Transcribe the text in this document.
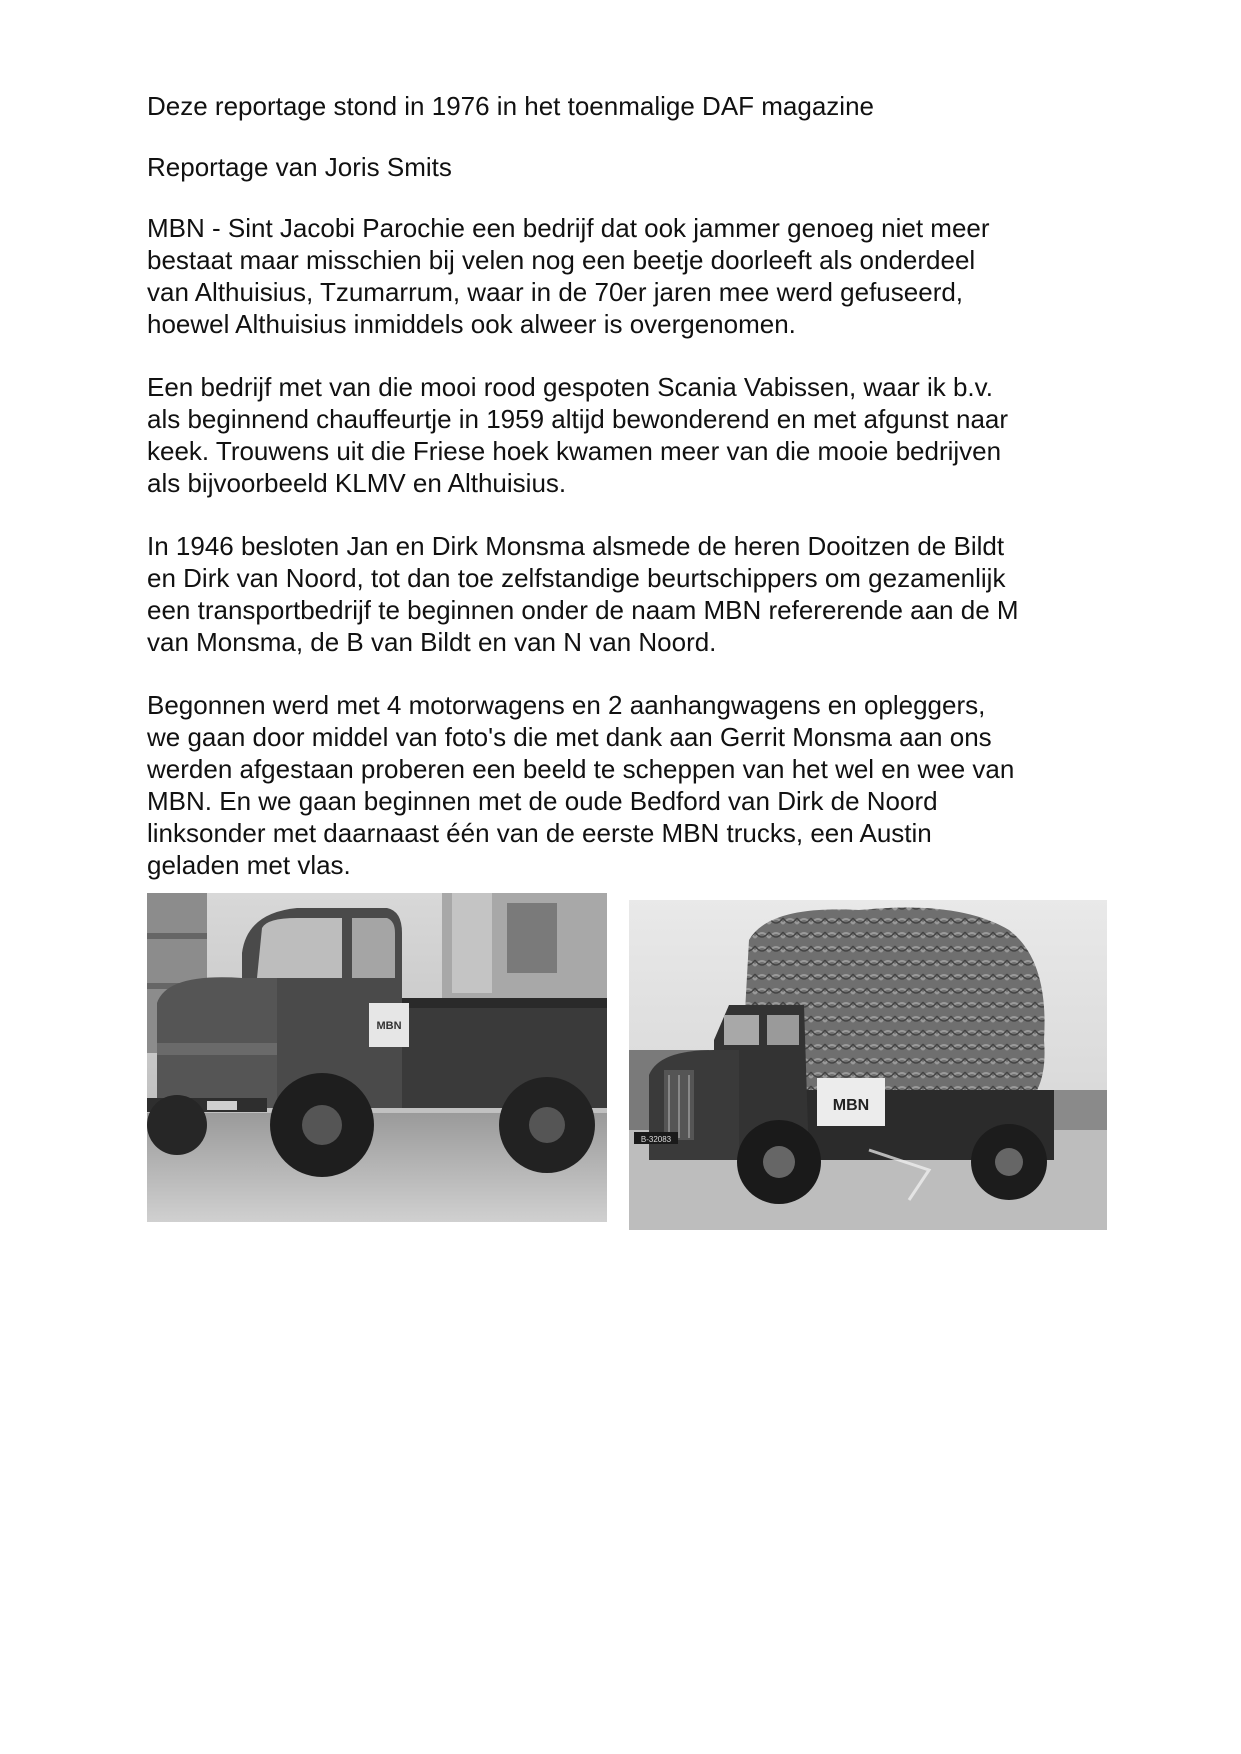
Deze reportage stond in 1976 in het toenmalige DAF magazine
Reportage van Joris Smits
MBN - Sint Jacobi Parochie een bedrijf dat ook jammer genoeg niet meer
bestaat maar misschien bij velen nog een beetje doorleeft als onderdeel
van Althuisius, Tzumarrum, waar in de 70er jaren mee werd gefuseerd,
hoewel Althuisius inmiddels ook alweer is overgenomen.
Een bedrijf met van die mooi rood gespoten Scania Vabissen, waar ik b.v.
als beginnend chauffeurtje in 1959 altijd bewonderend en met afgunst naar
keek. Trouwens uit die Friese hoek kwamen meer van die mooie bedrijven
als bijvoorbeeld KLMV en Althuisius.
In 1946 besloten Jan en Dirk Monsma alsmede de heren Dooitzen de Bildt
en Dirk van Noord, tot dan toe zelfstandige beurtschippers om gezamenlijk
een transportbedrijf te beginnen onder de naam MBN refererende aan de M
van Monsma, de B van Bildt en van N van Noord.
Begonnen werd met 4 motorwagens en 2 aanhangwagens en opleggers,
we gaan door middel van foto's die met dank aan Gerrit Monsma aan ons
werden afgestaan proberen een beeld te scheppen van het wel en wee van
MBN. En we gaan beginnen met de oude Bedford van Dirk de Noord
linksonder met daarnaast één van de eerste MBN trucks, een Austin
geladen met vlas.
MBN
MBN
B-32083
